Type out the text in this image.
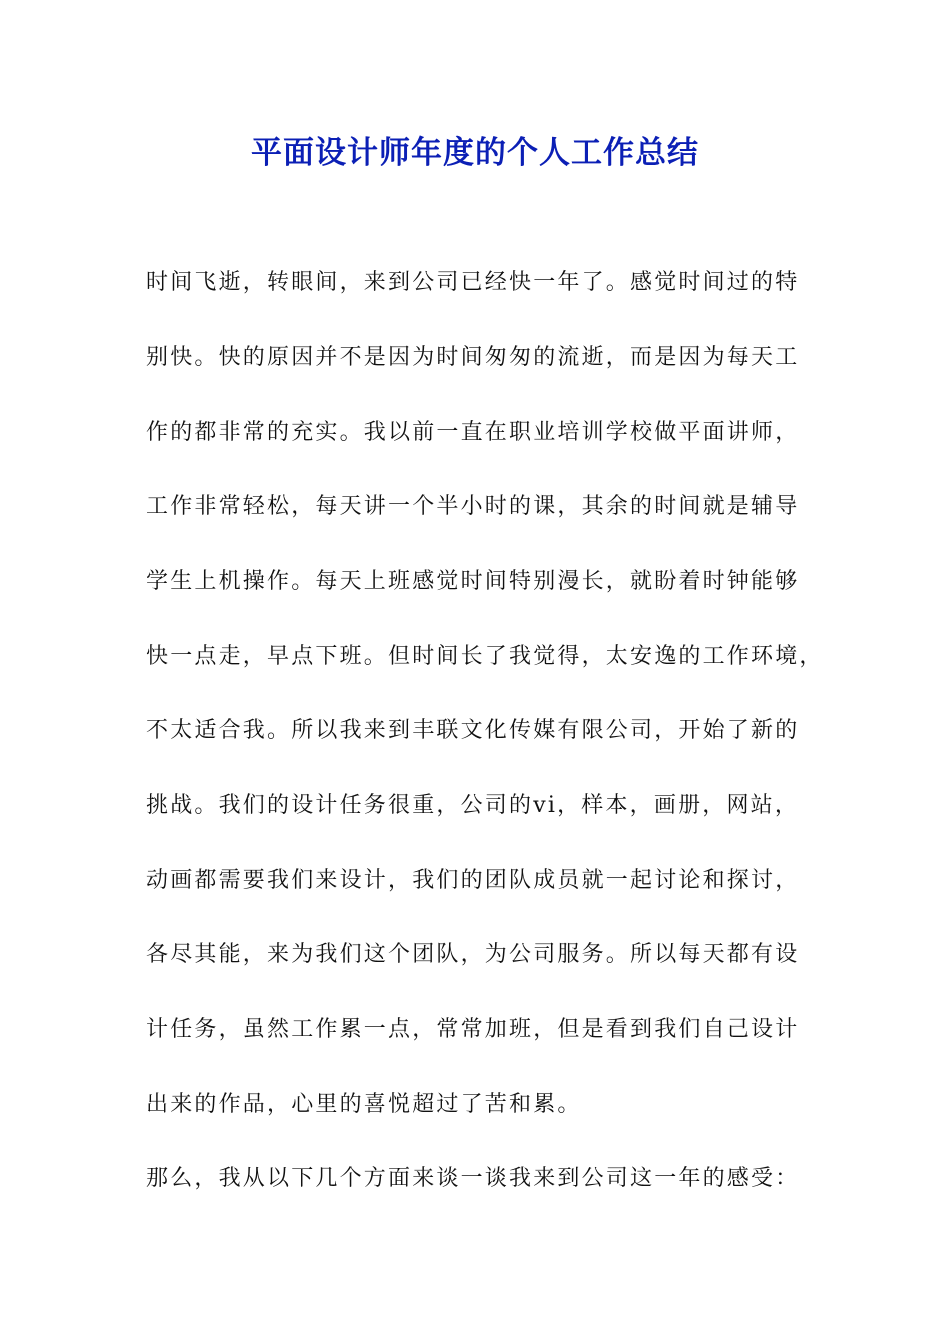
平面设计师年度的个人工作总结

时间飞逝，转眼间，来到公司已经快一年了。感觉时间过的特

别快。快的原因并不是因为时间匆匆的流逝，而是因为每天工

作的都非常的充实。我以前一直在职业培训学校做平面讲师，

工作非常轻松，每天讲一个半小时的课，其余的时间就是辅导

学生上机操作。每天上班感觉时间特别漫长，就盼着时钟能够

快一点走，早点下班。但时间长了我觉得，太安逸的工作环境，

不太适合我。所以我来到丰联文化传媒有限公司，开始了新的

挑战。我们的设计任务很重，公司的vi，样本，画册，网站，

动画都需要我们来设计，我们的团队成员就一起讨论和探讨，

各尽其能，来为我们这个团队，为公司服务。所以每天都有设

计任务，虽然工作累一点，常常加班，但是看到我们自己设计

出来的作品，心里的喜悦超过了苦和累。

那么，我从以下几个方面来谈一谈我来到公司这一年的感受：
